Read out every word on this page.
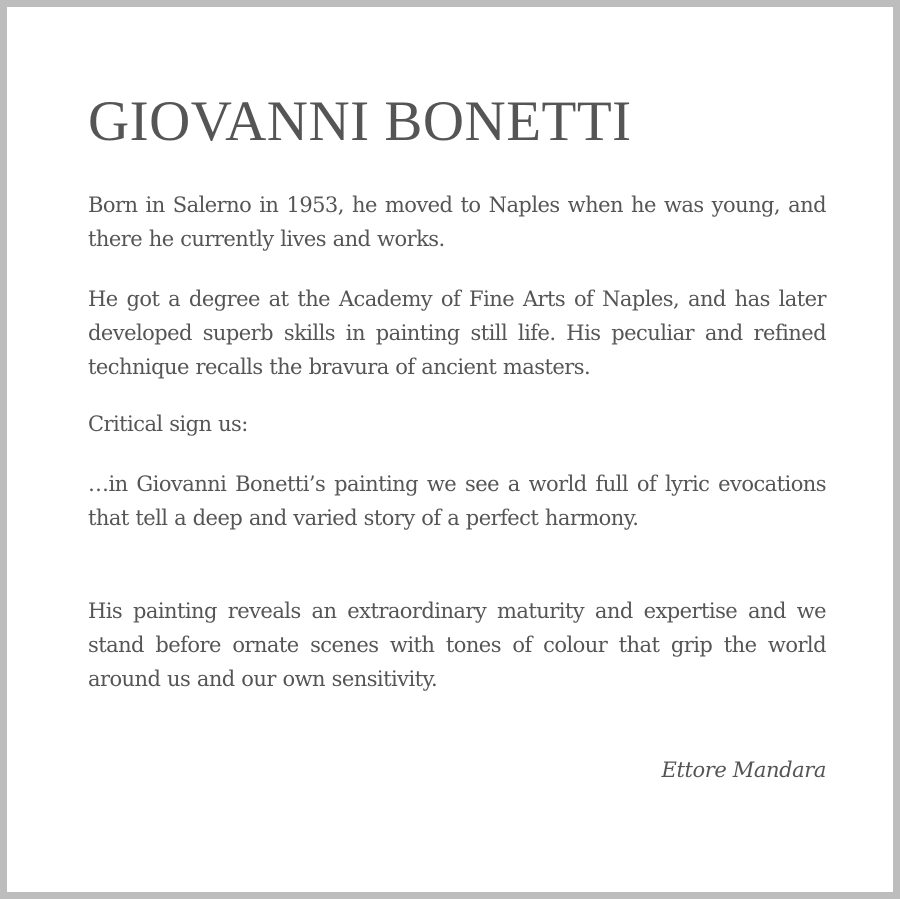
GIOVANNI BONETTI

Born in Salerno in 1953, he moved to Naples when he was young, and there he currently lives and works.

He got a degree at the Academy of Fine Arts of Naples, and has later developed superb skills in painting still life. His peculiar and refined technique recalls the bravura of ancient masters.

Critical sign us:

…in Giovanni Bonetti’s painting we see a world full of lyric evocations that tell a deep and varied story of a perfect harmony.

His painting reveals an extraordinary maturity and expertise and we stand before ornate scenes with tones of colour that grip the world around us and our own sensitivity.

Ettore Mandara
